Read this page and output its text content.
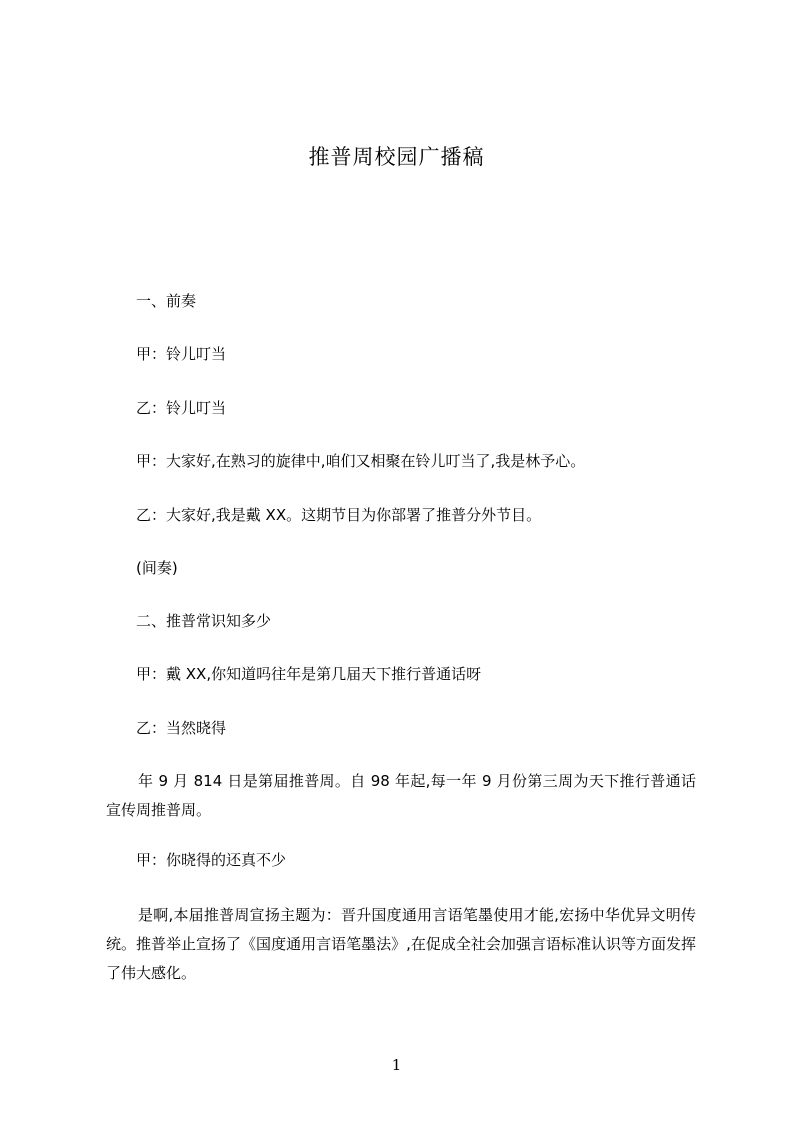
推普周校园广播稿
一、前奏
甲：铃儿叮当
乙：铃儿叮当
甲：大家好,在熟习的旋律中,咱们又相聚在铃儿叮当了,我是林予心。
乙：大家好,我是戴 XX。这期节目为你部署了推普分外节目。
(间奏)
二、推普常识知多少
甲：戴 XX,你知道吗往年是第几届天下推行普通话呀
乙：当然晓得
年 9 月 814 日是第届推普周。自 98 年起,每一年 9 月份第三周为天下推行普通话宣传周推普周。
甲：你晓得的还真不少
是啊,本届推普周宣扬主题为：晋升国度通用言语笔墨使用才能,宏扬中华优异文明传统。推普举止宣扬了《国度通用言语笔墨法》,在促成全社会加强言语标准认识等方面发挥了伟大感化。
1
